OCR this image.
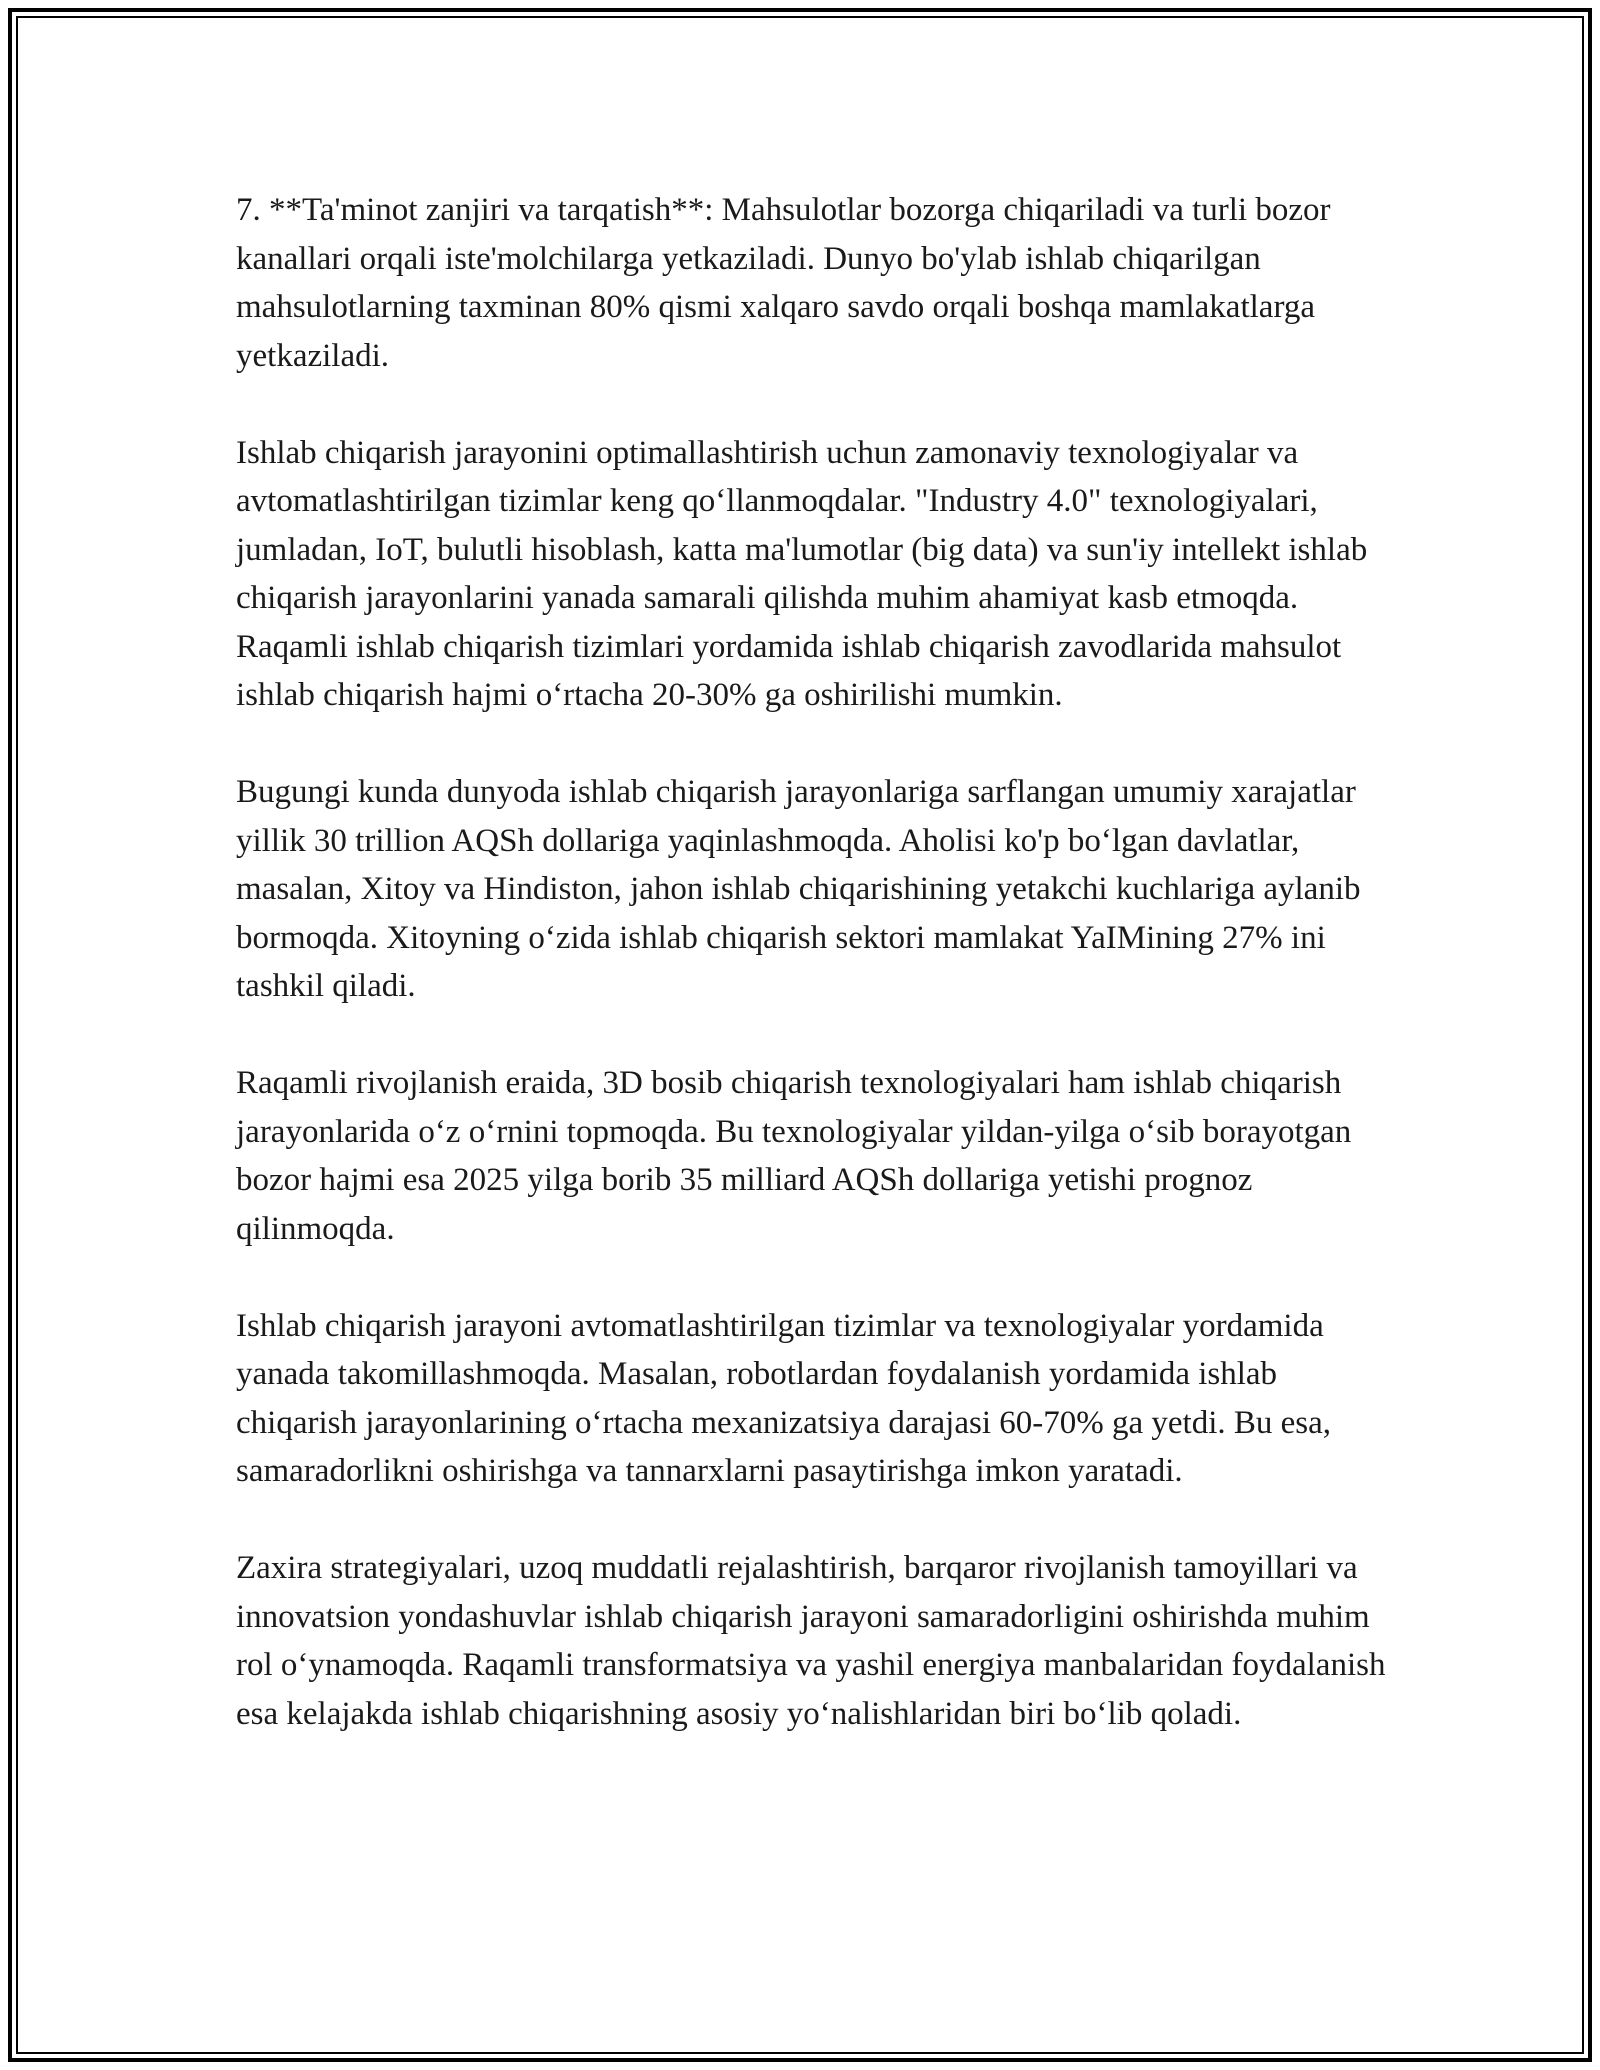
7. **Ta'minot zanjiri va tarqatish**: Mahsulotlar bozorga chiqariladi va turli bozor kanallari orqali iste'molchilarga yetkaziladi. Dunyo bo'ylab ishlab chiqarilgan mahsulotlarning taxminan 80% qismi xalqaro savdo orqali boshqa mamlakatlarga yetkaziladi.

Ishlab chiqarish jarayonini optimallashtirish uchun zamonaviy texnologiyalar va avtomatlashtirilgan tizimlar keng qo‘llanmoqdalar. "Industry 4.0" texnologiyalari, jumladan, IoT, bulutli hisoblash, katta ma'lumotlar (big data) va sun'iy intellekt ishlab chiqarish jarayonlarini yanada samarali qilishda muhim ahamiyat kasb etmoqda. Raqamli ishlab chiqarish tizimlari yordamida ishlab chiqarish zavodlarida mahsulot ishlab chiqarish hajmi o‘rtacha 20-30% ga oshirilishi mumkin.

Bugungi kunda dunyoda ishlab chiqarish jarayonlariga sarflangan umumiy xarajatlar yillik 30 trillion AQSh dollariga yaqinlashmoqda. Aholisi ko'p bo‘lgan davlatlar, masalan, Xitoy va Hindiston, jahon ishlab chiqarishining yetakchi kuchlariga aylanib bormoqda. Xitoyning o‘zida ishlab chiqarish sektori mamlakat YaIMining 27% ini tashkil qiladi.

Raqamli rivojlanish eraida, 3D bosib chiqarish texnologiyalari ham ishlab chiqarish jarayonlarida o‘z o‘rnini topmoqda. Bu texnologiyalar yildan-yilga o‘sib borayotgan bozor hajmi esa 2025 yilga borib 35 milliard AQSh dollariga yetishi prognoz qilinmoqda.

Ishlab chiqarish jarayoni avtomatlashtirilgan tizimlar va texnologiyalar yordamida yanada takomillashmoqda. Masalan, robotlardan foydalanish yordamida ishlab chiqarish jarayonlarining o‘rtacha mexanizatsiya darajasi 60-70% ga yetdi. Bu esa, samaradorlikni oshirishga va tannarxlarni pasaytirishga imkon yaratadi.

Zaxira strategiyalari, uzoq muddatli rejalashtirish, barqaror rivojlanish tamoyillari va innovatsion yondashuvlar ishlab chiqarish jarayoni samaradorligini oshirishda muhim rol o‘ynamoqda. Raqamli transformatsiya va yashil energiya manbalaridan foydalanish esa kelajakda ishlab chiqarishning asosiy yo‘nalishlaridan biri bo‘lib qoladi.
